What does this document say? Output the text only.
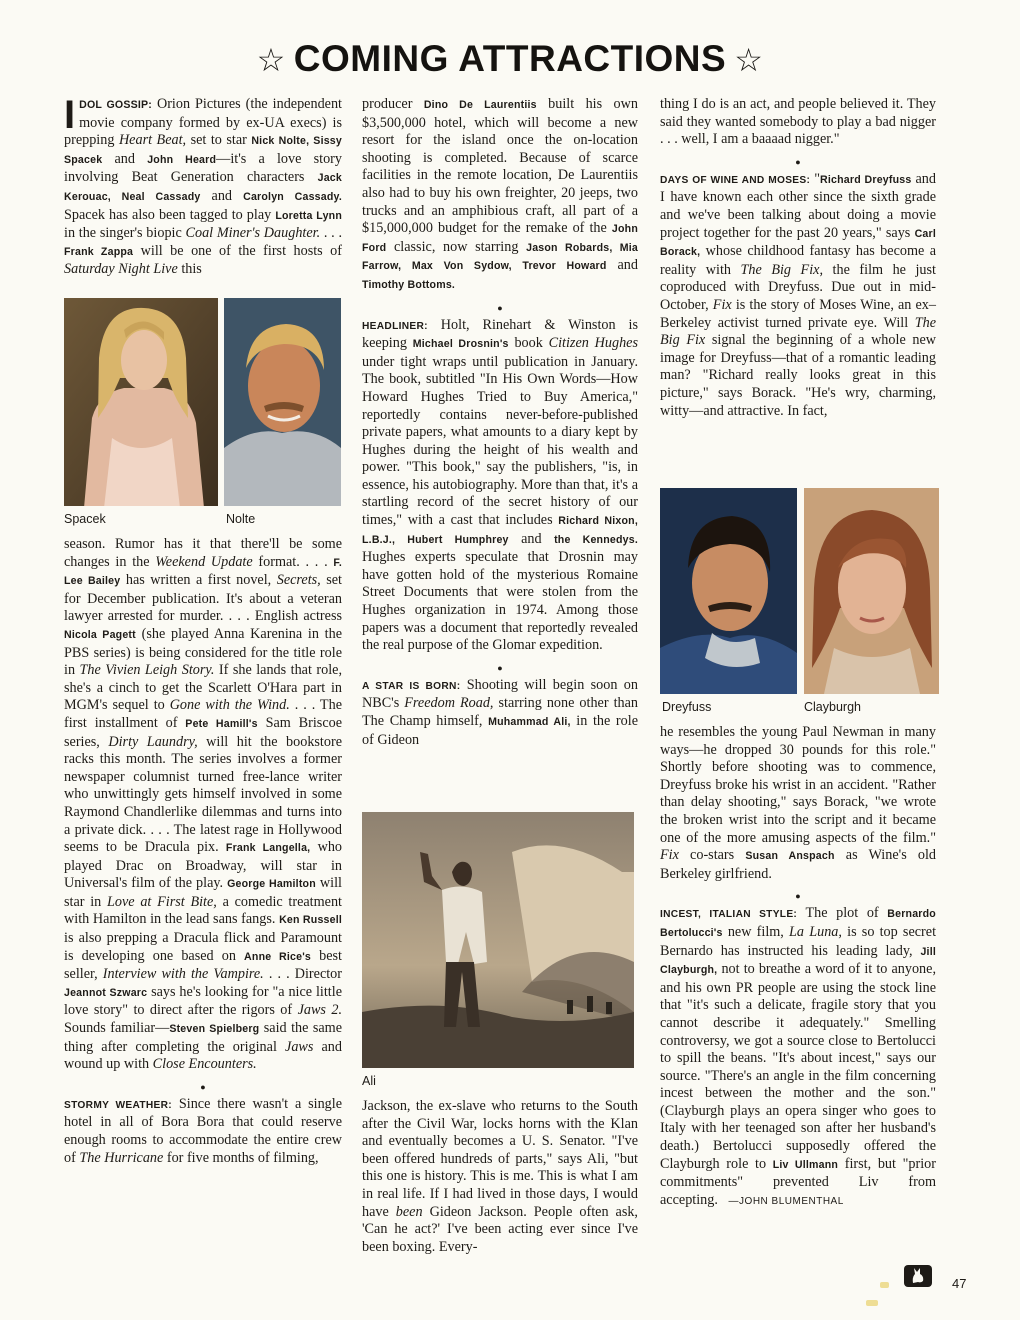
☆ COMING ATTRACTIONS ☆
Spacek	Nolte
Ali
Dreyfuss	Clayburgh

IDOL GOSSIP: Orion Pictures (the independent movie company formed by ex-UA execs) is prepping Heart Beat, set to star Nick Nolte, Sissy Spacek and John Heard—it's a love story involving Beat Generation characters Jack Kerouac, Neal Cassady and Carolyn Cassady. Spacek has also been tagged to play Loretta Lynn in the singer's biopic Coal Miner's Daughter. . . . Frank Zappa will be one of the first hosts of Saturday Night Live this

season. Rumor has it that there'll be some changes in the Weekend Update format. . . . F. Lee Bailey has written a first novel, Secrets, set for December publication. It's about a veteran lawyer arrested for murder. . . . English actress Nicola Pagett (she played Anna Karenina in the PBS series) is being considered for the title role in The Vivien Leigh Story. If she lands that role, she's a cinch to get the Scarlett O'Hara part in MGM's sequel to Gone with the Wind. . . . The first installment of Pete Hamill's Sam Briscoe series, Dirty Laundry, will hit the bookstore racks this month. The series involves a former newspaper columnist turned free-lance writer who unwittingly gets himself involved in some Raymond Chandlerlike dilemmas and turns into a private dick. . . . The latest rage in Hollywood seems to be Dracula pix. Frank Langella, who played Drac on Broadway, will star in Universal's film of the play. George Hamilton will star in Love at First Bite, a comedic treatment with Hamilton in the lead sans fangs. Ken Russell is also prepping a Dracula flick and Paramount is developing one based on Anne Rice's best seller, Interview with the Vampire. . . . Director Jeannot Szwarc says he's looking for "a nice little love story" to direct after the rigors of Jaws 2. Sounds familiar—Steven Spielberg said the same thing after completing the original Jaws and wound up with Close Encounters.

●

STORMY WEATHER: Since there wasn't a single hotel in all of Bora Bora that could reserve enough rooms to accommodate the entire crew of The Hurricane for five months of filming,

producer Dino De Laurentiis built his own $3,500,000 hotel, which will become a new resort for the island once the on-location shooting is completed. Because of scarce facilities in the remote location, De Laurentiis also had to buy his own freighter, 20 jeeps, two trucks and an amphibious craft, all part of a $15,000,000 budget for the remake of the John Ford classic, now starring Jason Robards, Mia Farrow, Max Von Sydow, Trevor Howard and Timothy Bottoms.

●

HEADLINER: Holt, Rinehart & Winston is keeping Michael Drosnin's book Citizen Hughes under tight wraps until publication in January. The book, subtitled "In His Own Words—How Howard Hughes Tried to Buy America," reportedly contains never-before-published private papers, what amounts to a diary kept by Hughes during the height of his wealth and power. "This book," say the publishers, "is, in essence, his autobiography. More than that, it's a startling record of the secret history of our times," with a cast that includes Richard Nixon, L.B.J., Hubert Humphrey and the Kennedys. Hughes experts speculate that Drosnin may have gotten hold of the mysterious Romaine Street Documents that were stolen from the Hughes organization in 1974. Among those papers was a document that reportedly revealed the real purpose of the Glomar expedition.

●

A STAR IS BORN: Shooting will begin soon on NBC's Freedom Road, starring none other than The Champ himself, Muhammad Ali, in the role of Gideon

Jackson, the ex-slave who returns to the South after the Civil War, locks horns with the Klan and eventually becomes a U. S. Senator. "I've been offered hundreds of parts," says Ali, "but this one is history. This is me. This is what I am in real life. If I had lived in those days, I would have been Gideon Jackson. People often ask, 'Can he act?' I've been acting ever since I've been boxing. Every-

thing I do is an act, and people believed it. They said they wanted somebody to play a bad nigger . . . well, I am a baaaad nigger."

●

DAYS OF WINE AND MOSES: "Richard Dreyfuss and I have known each other since the sixth grade and we've been talking about doing a movie project together for the past 20 years," says Carl Borack, whose childhood fantasy has become a reality with The Big Fix, the film he just coproduced with Dreyfuss. Due out in mid-October, Fix is the story of Moses Wine, an ex–Berkeley activist turned private eye. Will The Big Fix signal the beginning of a whole new image for Dreyfuss—that of a romantic leading man? "Richard really looks great in this picture," says Borack. "He's wry, charming, witty—and attractive. In fact,

he resembles the young Paul Newman in many ways—he dropped 30 pounds for this role." Shortly before shooting was to commence, Dreyfuss broke his wrist in an accident. "Rather than delay shooting," says Borack, "we wrote the broken wrist into the script and it became one of the more amusing aspects of the film." Fix co-stars Susan Anspach as Wine's old Berkeley girlfriend.

●

INCEST, ITALIAN STYLE: The plot of Bernardo Bertolucci's new film, La Luna, is so top secret Bernardo has instructed his leading lady, Jill Clayburgh, not to breathe a word of it to anyone, and his own PR people are using the stock line that "it's such a delicate, fragile story that you cannot describe it adequately." Smelling controversy, we got a source close to Bertolucci to spill the beans. "It's about incest," says our source. "There's an angle in the film concerning incest between the mother and the son." (Clayburgh plays an opera singer who goes to Italy with her teenaged son after her husband's death.) Bertolucci supposedly offered the Clayburgh role to Liv Ullmann first, but "prior commitments" prevented Liv from accepting. —JOHN BLUMENTHAL

47
